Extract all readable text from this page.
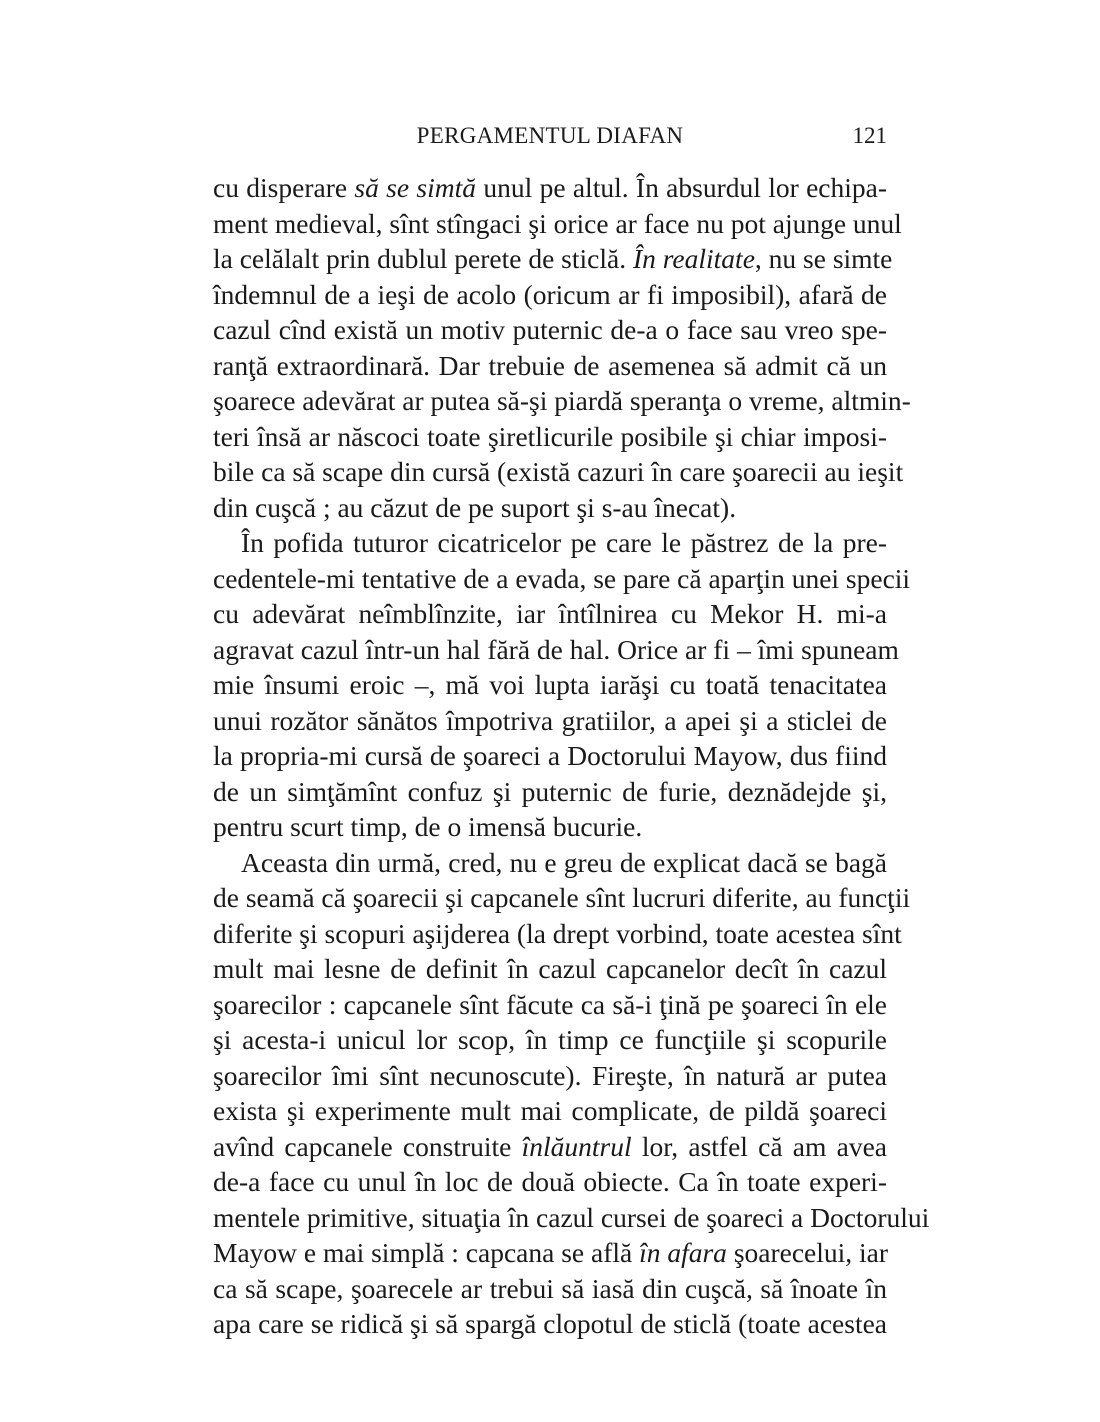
PERGAMENTUL DIAFAN	121
cu disperare să se simtă unul pe altul. În absurdul lor echipa-
ment medieval, sînt stîngaci şi orice ar face nu pot ajunge unul
la celălalt prin dublul perete de sticlă. În realitate, nu se simte
îndemnul de a ieşi de acolo (oricum ar fi imposibil), afară de
cazul cînd există un motiv puternic de-a o face sau vreo spe-
ranţă extraordinară. Dar trebuie de asemenea să admit că un
şoarece adevărat ar putea să-şi piardă speranţa o vreme, altmin-
teri însă ar născoci toate şiretlicurile posibile şi chiar imposi-
bile ca să scape din cursă (există cazuri în care şoarecii au ieşit
din cuşcă ; au căzut de pe suport şi s-au înecat).
În pofida tuturor cicatricelor pe care le păstrez de la pre-
cedentele-mi tentative de a evada, se pare că aparţin unei specii
cu adevărat neîmblînzite, iar întîlnirea cu Mekor H. mi-a
agravat cazul într-un hal fără de hal. Orice ar fi – îmi spuneam
mie însumi eroic –, mă voi lupta iarăşi cu toată tenacitatea
unui rozător sănătos împotriva gratiilor, a apei şi a sticlei de
la propria-mi cursă de şoareci a Doctorului Mayow, dus fiind
de un simţămînt confuz şi puternic de furie, deznădejde şi,
pentru scurt timp, de o imensă bucurie.
Aceasta din urmă, cred, nu e greu de explicat dacă se bagă
de seamă că şoarecii şi capcanele sînt lucruri diferite, au funcţii
diferite şi scopuri aşijderea (la drept vorbind, toate acestea sînt
mult mai lesne de definit în cazul capcanelor decît în cazul
şoarecilor : capcanele sînt făcute ca să-i ţină pe şoareci în ele
şi acesta-i unicul lor scop, în timp ce funcţiile şi scopurile
şoarecilor îmi sînt necunoscute). Fireşte, în natură ar putea
exista şi experimente mult mai complicate, de pildă şoareci
avînd capcanele construite înlăuntrul lor, astfel că am avea
de-a face cu unul în loc de două obiecte. Ca în toate experi-
mentele primitive, situaţia în cazul cursei de şoareci a Doctorului
Mayow e mai simplă : capcana se află în afara şoarecelui, iar
ca să scape, şoarecele ar trebui să iasă din cuşcă, să înoate în
apa care se ridică şi să spargă clopotul de sticlă (toate acestea
